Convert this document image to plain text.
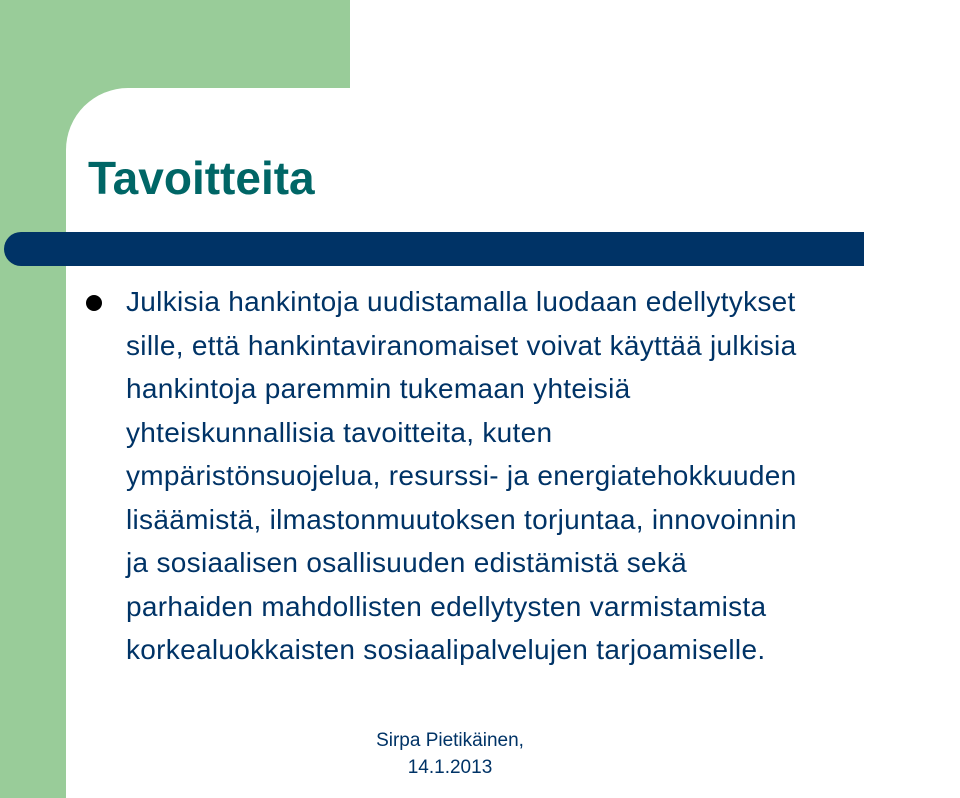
Tavoitteita

Julkisia hankintoja uudistamalla luodaan edellytykset
sille, että hankintaviranomaiset voivat käyttää julkisia
hankintoja paremmin tukemaan yhteisiä
yhteiskunnallisia tavoitteita, kuten
ympäristönsuojelua, resurssi- ja energiatehokkuuden
lisäämistä, ilmastonmuutoksen torjuntaa, innovoinnin
ja sosiaalisen osallisuuden edistämistä sekä
parhaiden mahdollisten edellytysten varmistamista
korkealuokkaisten sosiaalipalvelujen tarjoamiselle.

Sirpa Pietikäinen,
14.1.2013
